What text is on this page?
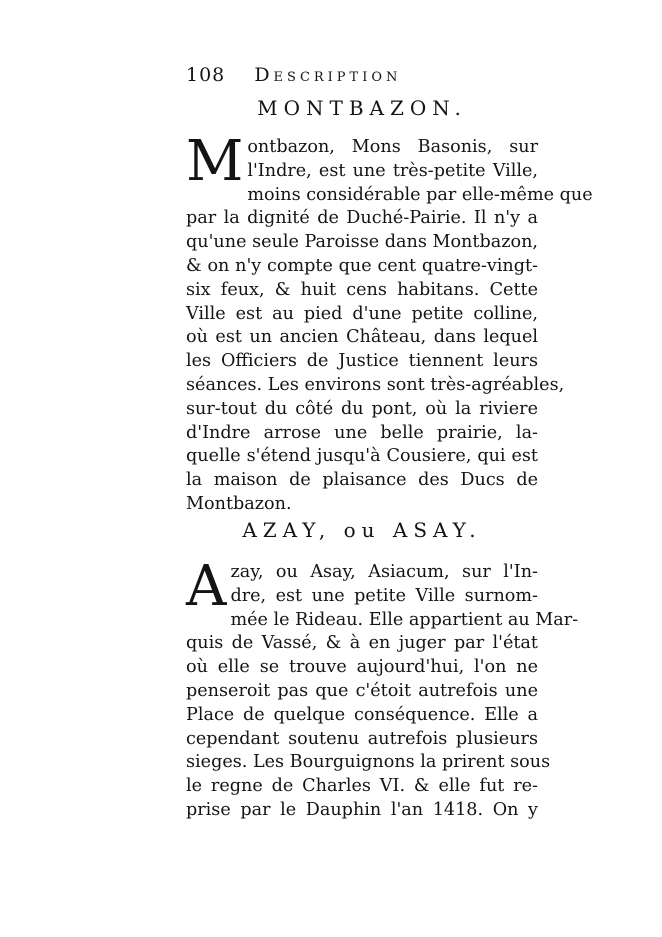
108 Description
MONTBAZON.
M ontbazon, Mons Basonis, sur
l'Indre, est une très-petite Ville,
moins considérable par elle-même que
par la dignité de Duché-Pairie. Il n'y a
qu'une seule Paroisse dans Montbazon,
& on n'y compte que cent quatre-vingt-
six feux, & huit cens habitans. Cette
Ville est au pied d'une petite colline,
où est un ancien Château, dans lequel
les Officiers de Justice tiennent leurs
séances. Les environs sont très-agréables,
sur-tout du côté du pont, où la riviere
d'Indre arrose une belle prairie, la-
quelle s'étend jusqu'à Cousiere, qui est
la maison de plaisance des Ducs de
Montbazon.
AZAY, ou ASAY.
A zay, ou Asay, Asiacum, sur l'In-
dre, est une petite Ville surnom-
mée le Rideau. Elle appartient au Mar-
quis de Vassé, & à en juger par l'état
où elle se trouve aujourd'hui, l'on ne
penseroit pas que c'étoit autrefois une
Place de quelque conséquence. Elle a
cependant soutenu autrefois plusieurs
sieges. Les Bourguignons la prirent sous
le regne de Charles VI. & elle fut re-
prise par le Dauphin l'an 1418. On y
